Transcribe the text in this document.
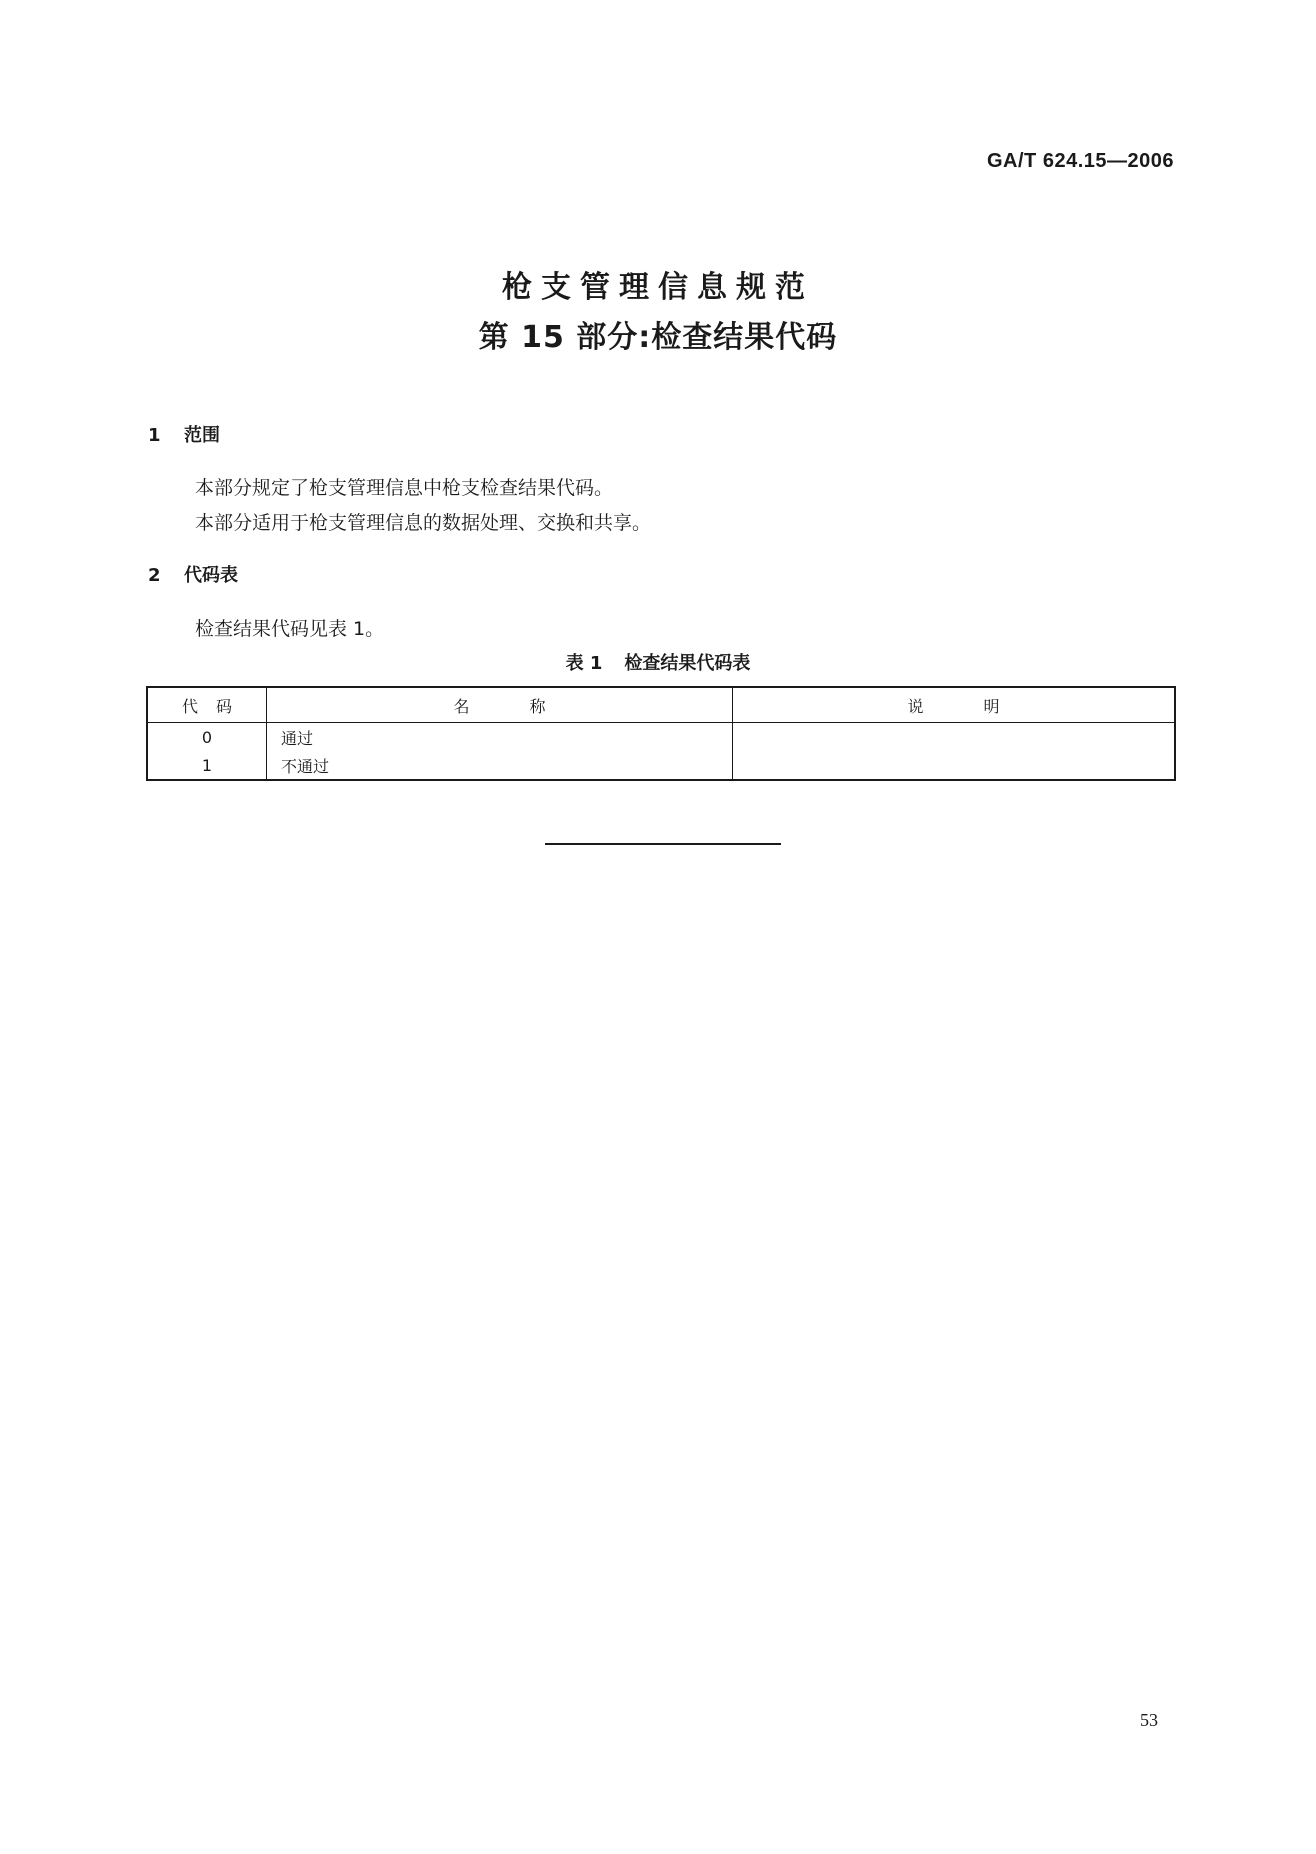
GA/T 624.15—2006
枪支管理信息规范
第 15 部分:检查结果代码
1 范围
本部分规定了枪支管理信息中枪支检查结果代码。
本部分适用于枪支管理信息的数据处理、交换和共享。
2 代码表
检查结果代码见表 1。
表 1 检查结果代码表
代码	名称	说明
0	通过	
1	不通过	
53
